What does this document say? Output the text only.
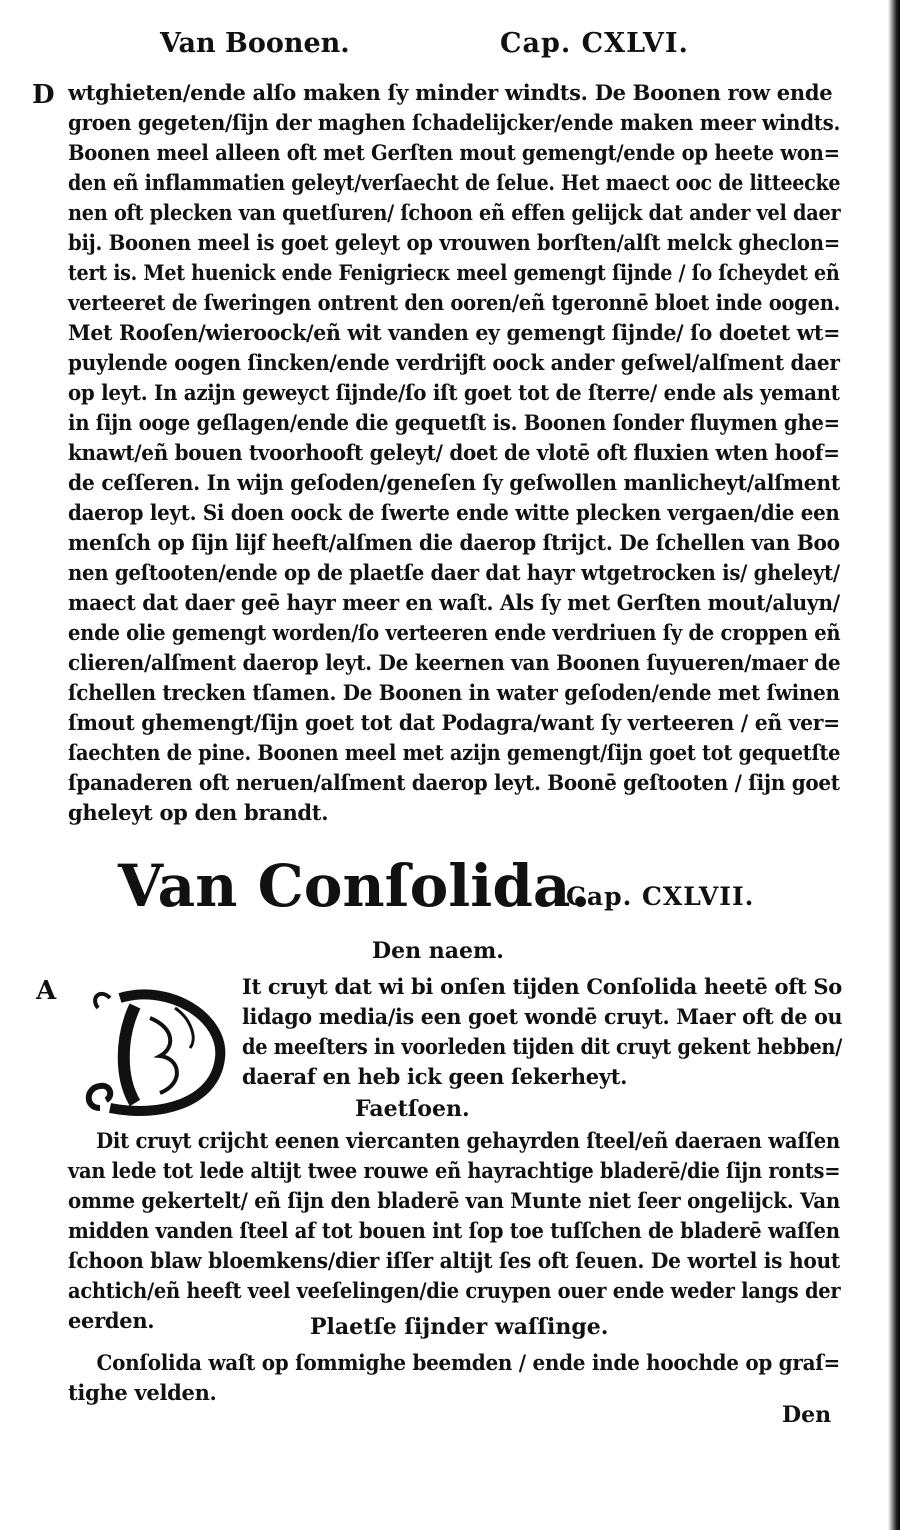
Van Boonen.	Cap. CXLVI.
D wtghieten/ende alſo maken ſy minder windts. De Boonen row ende
groen gegeten/ſijn der maghen ſchadelijcker/ende maken meer windts.
Boonen meel alleen oft met Gerſten mout gemengt/ende op heete won=
den eñ inflammatien geleyt/verſaecht de ſelue. Het maect ooc de litteecke
nen oft plecken van quetſuren/ ſchoon eñ effen gelijck dat ander vel daer
bij. Boonen meel is goet geleyt op vrouwen borſten/alſt melck gheclon=
tert is. Met huenick ende Fenigriecк meel gemengt ſijnde / ſo ſcheydet eñ
verteeret de ſweringen ontrent den ooren/eñ tgeronnē bloet inde oogen.
Met Rooſen/wieroock/eñ wit vanden ey gemengt ſijnde/ ſo doetet wt=
puylende oogen ſincken/ende verdrijft oock ander geſwel/alſment daer
op leyt. In azijn geweyct ſijnde/ſo iſt goet tot de ſterre/ ende als yemant
in ſijn ooge geſlagen/ende die gequetſt is. Boonen ſonder fluymen ghe=
knawt/eñ bouen tvoorhooft geleyt/ doet de vlotē oft fluxien wten hoof=
de ceſſeren. In wijn geſoden/geneſen ſy geſwollen manlicheyt/alſment
daerop leyt. Si doen oock de ſwerte ende witte plecken vergaen/die een
menſch op ſijn lijf heeft/alſmen die daerop ſtrijct. De ſchellen van Boo
nen geſtooten/ende op de plaetſe daer dat hayr wtgetrocken is/ gheleyt/
maect dat daer geē hayr meer en waſt. Als ſy met Gerſten mout/aluyn/
ende olie gemengt worden/ſo verteeren ende verdriuen ſy de croppen eñ
clieren/alſment daerop leyt. De keernen van Boonen ſuyueren/maer de
ſchellen trecken tſamen. De Boonen in water geſoden/ende met ſwinen
ſmout ghemengt/ſijn goet tot dat Podagra/want ſy verteeren / eñ ver=
ſaechten de pine. Boonen meel met azijn gemengt/ſijn goet tot gequetſte
ſpanaderen oft neruen/alſment daerop leyt. Boonē geſtooten / ſijn goet
gheleyt op den brandt.
Van Conſolida.
Cap. CXLVII.
Den naem.
A	It cruyt dat wi bi onſen tijden Conſolida heetē oft So
lidago media/is een goet wondē cruyt. Maer oft de ou
de meeſters in voorleden tijden dit cruyt gekent hebben/
daeraf en heb ick geen ſekerheyt.
Faetſoen.
Dit cruyt crijcht eenen viercanten gehayrden ſteel/eñ daeraen waſſen
van lede tot lede altijt twee rouwe eñ hayrachtige bladerē/die ſijn ronts=
omme gekertelt/ eñ ſijn den bladerē van Munte niet ſeer ongelijck. Van
midden vanden ſteel af tot bouen int ſop toe tuſſchen de bladerē waſſen
ſchoon blaw bloemkens/dier iſſer altijt ſes oft ſeuen. De wortel is hout
achtich/eñ heeft veel veeſelingen/die cruypen ouer ende weder langs der
eerden.	Plaetſe ſijnder waſſinge.
Conſolida waſt op ſommighe beemden / ende inde hoochde op graſ=
tighe velden.
Den
